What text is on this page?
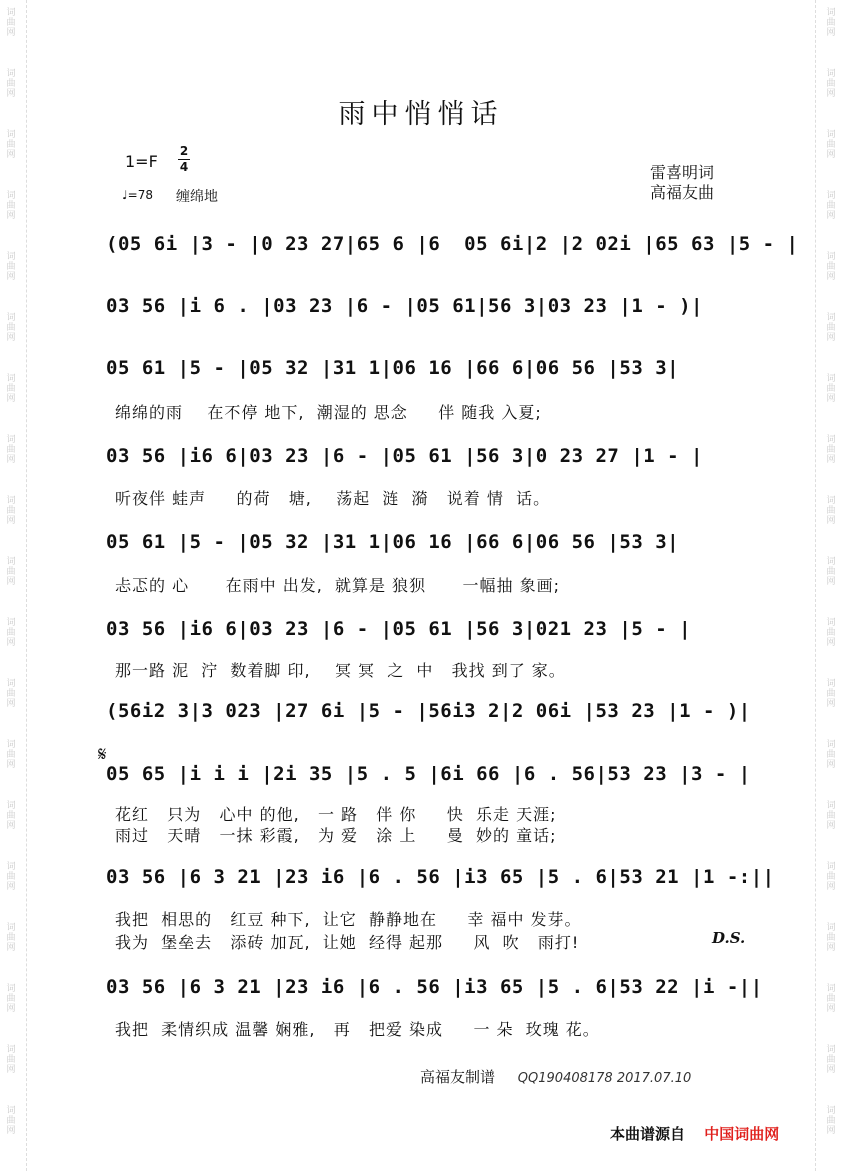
词
曲
网
词
曲
网
词
曲
网
词
曲
网
词
曲
网
词
曲
网
词
曲
网
词
曲
网
词
曲
网
词
曲
网
词
曲
网
词
曲
网
词
曲
网
词
曲
网
词
曲
网
词
曲
网
词
曲
网
词
曲
网
词
曲
网
词
曲
网
词
曲
网
词
曲
网
词
曲
网
词
曲
网
词
曲
网
词
曲
网
词
曲
网
词
曲
网
词
曲
网
词
曲
网
词
曲
网
词
曲
网
词
曲
网
词
曲
网
词
曲
网
词
曲
网
词
曲
网
词
曲
网
雨中悄悄话
1=F
2
4
♩=78 缠绵地
雷喜明词
高福友曲
𝄋
(05 6i |3 - |0 23 27|65 6 |6  05 6i|2 |2 02i |65 63 |5 - |
03 56 |i 6 . |03 23 |6 - |05 61|56 3|03 23 |1 - )|
05 61 |5 - |05 32 |31 1|06 16 |66 6|06 56 |53 3|
绵绵的雨    在不停 地下,  潮湿的 思念     伴 随我 入夏;
03 56 |i6 6|03 23 |6 - |05 61 |56 3|0 23 27 |1 - |
听夜伴 蛙声     的荷   塘,    荡起  涟  漪   说着 情  话。
05 61 |5 - |05 32 |31 1|06 16 |66 6|06 56 |53 3|
忐忑的 心      在雨中 出发,  就算是 狼狈      一幅抽 象画;
03 56 |i6 6|03 23 |6 - |05 61 |56 3|021 23 |5 - |
那一路 泥  泞  数着脚 印,    冥 冥  之  中   我找 到了 家。
(56i2 3|3 023 |27 6i |5 - |56i3 2|2 06i |53 23 |1 - )|
05 65 |i i i |2i 35 |5 . 5 |6i 66 |6 . 56|53 23 |3 - |
花红   只为   心中 的他,   一 路   伴 你     快  乐走 天涯;
雨过   天晴   一抹 彩霞,   为 爱   涂 上     曼  妙的 童话;
03 56 |6 3 21 |23 i6 |6 . 56 |i3 65 |5 . 6|53 21 |1 -:||
我把  相思的   红豆 种下,  让它  静静地在     幸 福中 发芽。
我为  堡垒去   添砖 加瓦,  让她  经得 起那     风  吹   雨打!	D.S.
03 56 |6 3 21 |23 i6 |6 . 56 |i3 65 |5 . 6|53 22 |i -||
我把  柔情织成 温馨 娴雅,   再   把爱 染成     一 朵  玫瑰 花。
高福友制谱 QQ190408178 2017.07.10
本曲谱源自 中国词曲网
